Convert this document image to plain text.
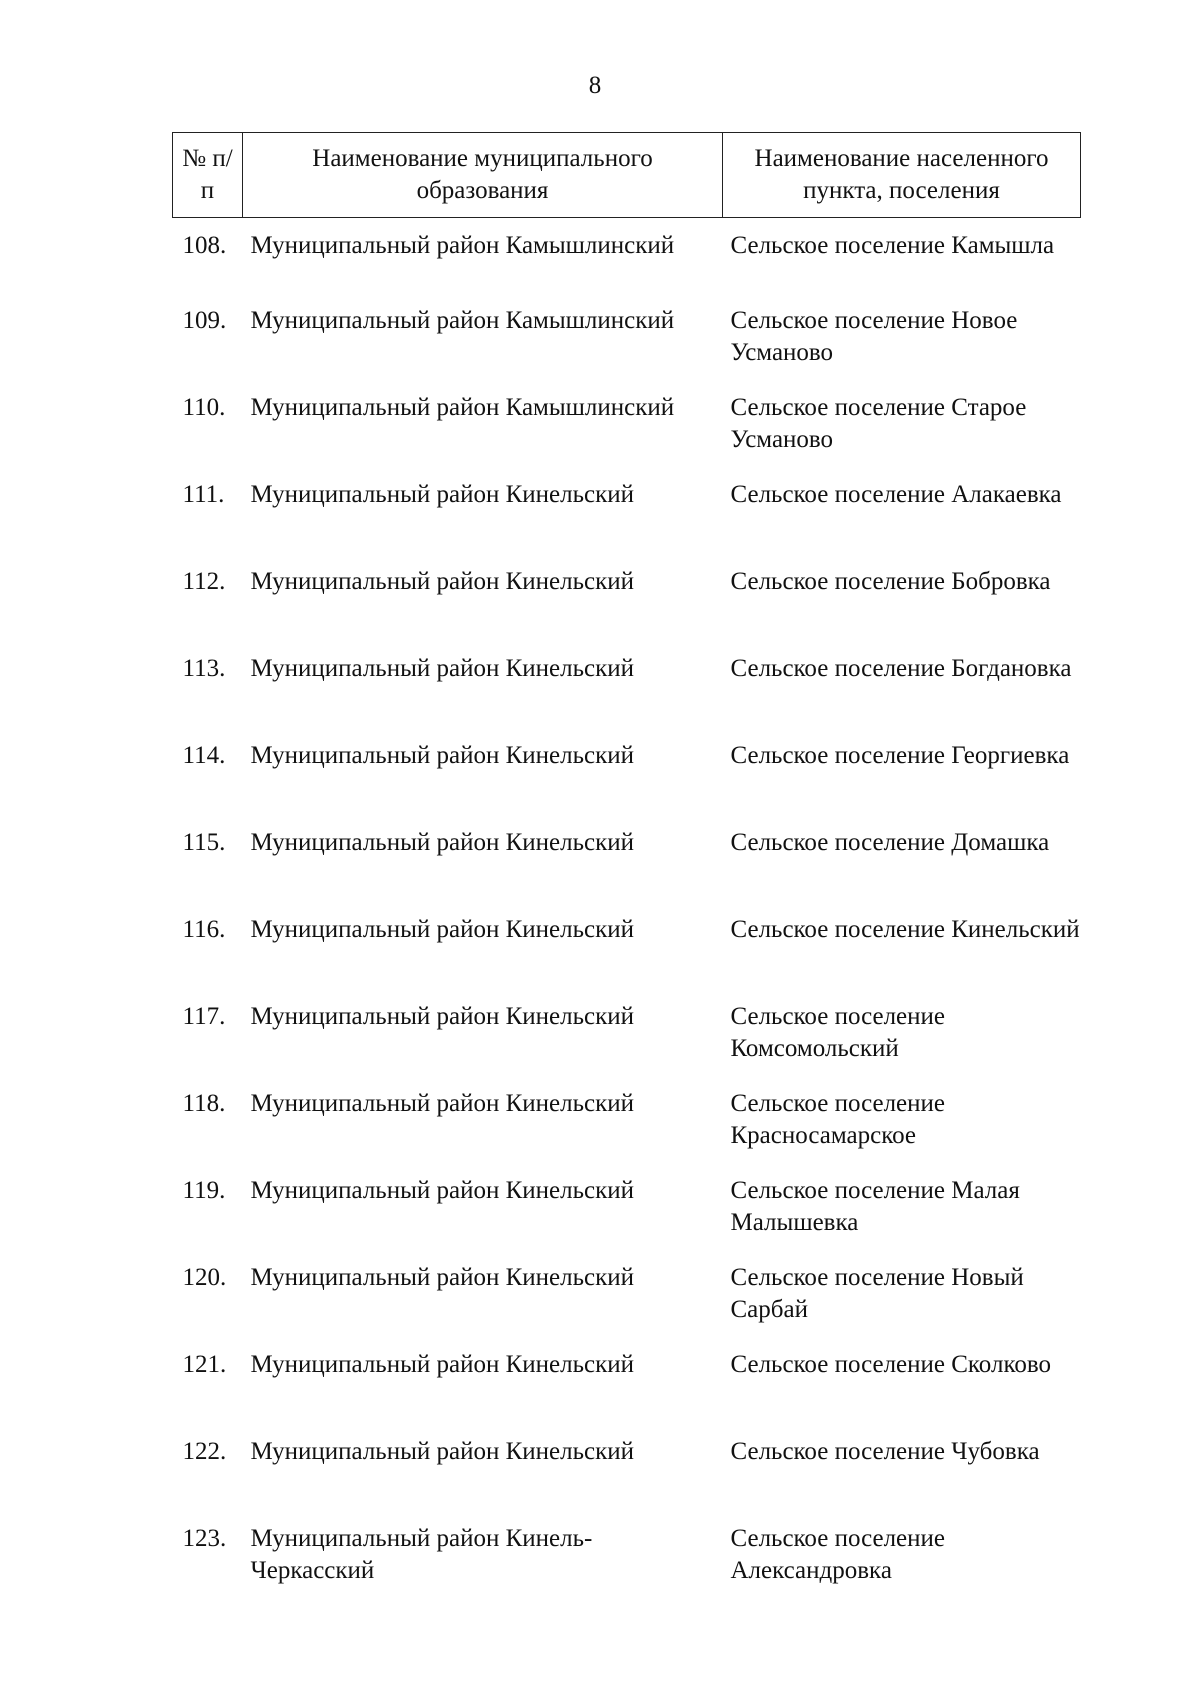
8
№ п/п	Наименование муниципального образования	Наименование населенного пункта, поселения
108.	Муниципальный район Камышлинский	Сельское поселение Камышла
109.	Муниципальный район Камышлинский	Сельское поселение Новое Усманово
110.	Муниципальный район Камышлинский	Сельское поселение Старое Усманово
111.	Муниципальный район Кинельский	Сельское поселение Алакаевка
112.	Муниципальный район Кинельский	Сельское поселение Бобровка
113.	Муниципальный район Кинельский	Сельское поселение Богдановка
114.	Муниципальный район Кинельский	Сельское поселение Георгиевка
115.	Муниципальный район Кинельский	Сельское поселение Домашка
116.	Муниципальный район Кинельский	Сельское поселение Кинельский
117.	Муниципальный район Кинельский	Сельское поселение Комсомольский
118.	Муниципальный район Кинельский	Сельское поселение Красносамарское
119.	Муниципальный район Кинельский	Сельское поселение Малая Малышевка
120.	Муниципальный район Кинельский	Сельское поселение Новый Сарбай
121.	Муниципальный район Кинельский	Сельское поселение Сколково
122.	Муниципальный район Кинельский	Сельское поселение Чубовка
123.	Муниципальный район Кинель-Черкасский	Сельское поселение Александровка
